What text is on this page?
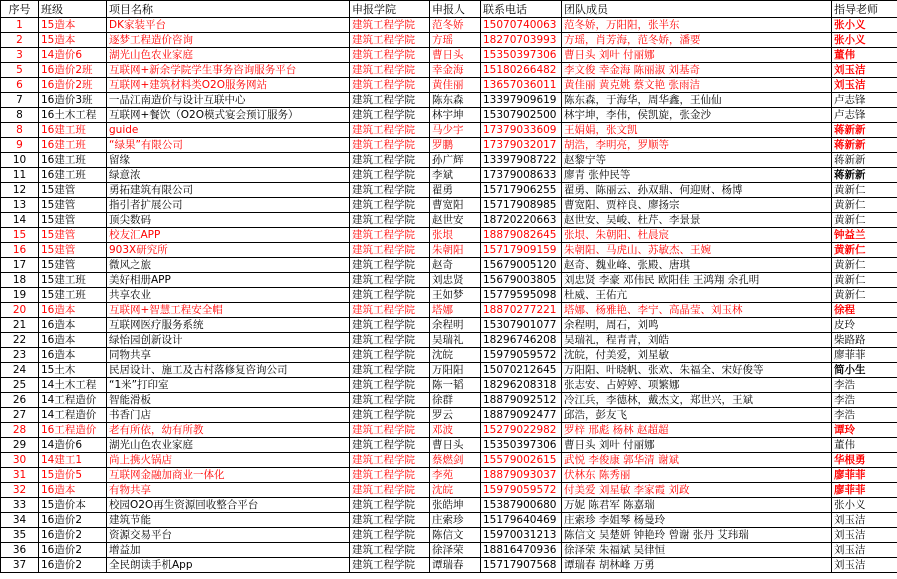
序号	班级	项目名称	申报学院	申报人	联系电话	团队成员	指导老师
1	15造本	DK家装平台	建筑工程学院	范冬娇	15070740063	范冬娇，万阳阳，张半东	张小义
2	15造本	逐梦工程造价咨询	建筑工程学院	方瑶	18270703993	方瑶，肖芳海，范冬娇，潘要	张小义
3	14造价6	湖光山色农业家庭	建筑工程学院	曹日头	15350397306	曹日头 刘叶 付丽娜	董伟
5	16造价2班	互联网+新余学院学生事务咨询服务平台	建筑工程学院	幸金海	15180266482	李文俊 幸金海 陈丽淑 刘基奇	刘玉洁
6	16造价2班	互联网+建筑材料类O2O服务网站	建筑工程学院	黄佳丽	13657036011	黄佳丽 黄克姚 蔡文艳 张雨洁	刘玉洁
7	16造价3班	一品江南造价与设计互联中心	建筑工程学院	陈东森	13397909619	陈东森，于海华，周华鑫，王仙仙	卢志锋
8	16土木工程	互联网+餐饮（O2O模式宴会预订服务）	建筑工程学院	林宇坤	15307902500	林宇坤，李伟，侯凯旋，张金沙	卢志锋
8	16建工班	guide	建筑工程学院	马少宇	17379033609	王娟娟，张文凯	蒋新新
9	16建工班	“绿果”有限公司	建筑工程学院	罗鹏	17379032017	胡浩，李明亮，罗顺等	蒋新新
10	16建工班	留缘	建筑工程学院	孙广辉	13397908722	赵黎宁等	蒋新新
11	16建工班	绿意浓	建筑工程学院	李斌	17379008633	廖青 张仲民等	蒋新新
12	15建管	勇拓建筑有限公司	建筑工程学院	翟勇	15717906255	翟勇、陈丽云、孙双鼎、何迎财、杨博	黄新仁
13	15建管	指引者扩展公司	建筑工程学院	曹宽阳	15717908985	曹宽阳、贾梓良、廖扬宗	黄新仁
14	15建管	顶尖数码	建筑工程学院	赵世安	18720220663	赵世安、吴峻、杜芹、李景景	黄新仁
15	15建管	校友汇APP	建筑工程学院	张垠	18879082645	张垠、朱朝阳、杜晨宸	钟益兰
16	15建管	903X研究所	建筑工程学院	朱朝阳	15717909159	朱朝阳、马虎山、苏敏杰、王婉	黄新仁
17	15建管	微风之旅	建筑工程学院	赵奇	15679005120	赵奇、魏业峰、张殿、唐琪	黄新仁
18	15建工班	美好相册APP	建筑工程学院	刘忠贤	15679003805	刘忠贤 李豪 邓伟民 欧阳佳 王鸿翔 余孔明	黄新仁
19	15建工班	共享农业	建筑工程学院	王如梦	15779595098	杜威、王佑亢	黄新仁
20	16造本	互联网+智慧工程安全帽	建筑工程学院	塔娜	18870277221	塔娜、杨雅艳、李宁、高晶莹、刘玉林	徐程
21	16造本	互联网医疗服务系统	建筑工程学院	余程明	15307901077	余程明，周石，刘鸣	皮玲
22	16造本	绿怡园创新设计	建筑工程学院	吴瑞礼	18296746208	吴瑞礼，程青青，刘皓	柴路路
23	16造本	同物共享	建筑工程学院	沈皖	15979059572	沈皖，付美爱，刘星敏	廖菲菲
24	15土木	民居设计、施工及古村落修复咨询公司	建筑工程学院	万阳阳	15070212645	万阳阳、叶晓帆、张欢、朱福全、宋好俊等	简小生
25	14土木工程	“1米”打印室	建筑工程学院	陈一韬	18296208318	张志安、占婷婷、项繁娜	李浩
26	14工程造价	智能滑板	建筑工程学院	徐群	18879092512	冷江兵，李德林，戴杰文，郑世兴，王斌	李浩
27	14工程造价	书香门店	建筑工程学院	罗云	18879092477	邱浩，彭友飞	李浩
28	16工程造价	老有所依，幼有所教	建筑工程学院	邓波	15279022982	罗梓 邢彪 杨林 赵超超	谭玲
29	14造价6	湖光山色农业家庭	建筑工程学院	曹日头	15350397306	曹日头 刘叶 付丽娜	董伟
30	14建工1	尚上携火锅店	建筑工程学院	蔡燃剑	15579002615	武悦 李俊康 郭华清 谢斌	华根勇
31	15造价5	互联网金融加商业一体化	建筑工程学院	李苑	18879093037	伏林东 陈秀丽	廖菲菲
32	16造本	有物共享	建筑工程学院	沈皖	15979059572	付美爱 刘星敏 李家霞 刘政	廖菲菲
33	15造价本	校园O2O再生资源回收整合平台	建筑工程学院	张皓坤	15387900680	万妮 陈君军 陈嘉瑞	张小义
34	16造价2	建筑节能	建筑工程学院	庄索珍	15179640469	庄索珍 李姐琴 杨曼玲	刘玉洁
35	16造价2	资源交易平台	建筑工程学院	陈信文	15970031213	陈信文 吴楚妍 钟艳玲 曾谢 张丹 艾玮瑞	刘玉洁
36	16造价2	增益加	建筑工程学院	徐泽荣	18816470936	徐泽荣 朱福斌 吴律恒	刘玉洁
37	16造价2	全民朗读手机App	建筑工程学院	谭瑞春	15717907568	谭瑞春 胡林峰 万勇	刘玉洁
